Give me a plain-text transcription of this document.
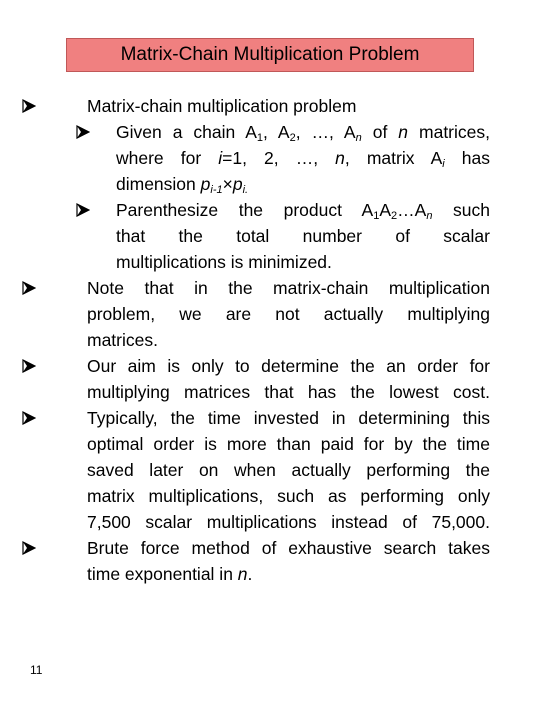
Matrix-Chain Multiplication Problem
Matrix-chain multiplication problem
Given a chain $A_1$, $A_2$, …, $A_n$ of n matrices,
where for i=1, 2, …, n, matrix $A_i$ has
dimension $p_{i-1}\times p_{i.}$
Parenthesize the product $A_1A_2\dots A_n$ such
that the total number of scalar
multiplications is minimized.
Note that in the matrix-chain multiplication
problem, we are not actually multiplying
matrices.
Our aim is only to determine the an order for
multiplying matrices that has the lowest cost.
Typically, the time invested in determining this
optimal order is more than paid for by the time
saved later on when actually performing the
matrix multiplications, such as performing only
7,500 scalar multiplications instead of 75,000.
Brute force method of exhaustive search takes
time exponential in n.
11
